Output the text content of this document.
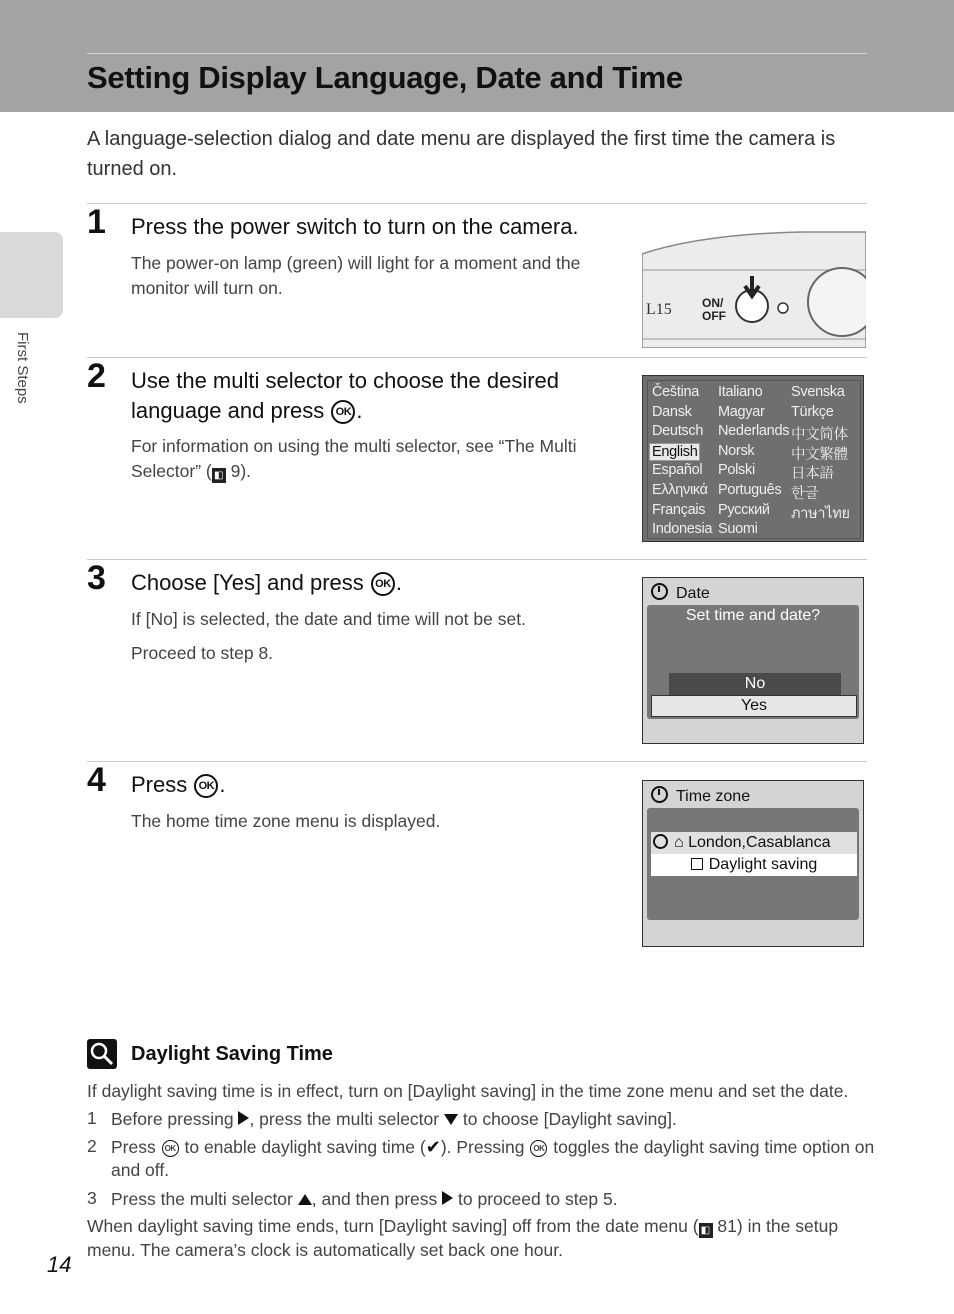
Setting Display Language, Date and Time

A language-selection dialog and date menu are displayed the first time the camera is turned on.

First Steps
1 Press the power switch to turn on the camera.

The power-on lamp (green) will light for a moment and the monitor will turn on.

L15	ON/
OFF
2 Use the multi selector to choose the desired language and press OK .

For information on using the multi selector, see “The Multi Selector” ( ◧ 9).

Čeština
Dansk
Deutsch
English
Español
Ελληνικά
Français
Indonesia
Italiano
Magyar
Nederlands
Norsk
Polski
Português
Русский
Suomi
Svenska
Türkçe
中文简体
中文繁體
日本語
한글
ภาษาไทย
3 Choose [Yes] and press OK .

If [No] is selected, the date and time will not be set.

Proceed to step 8.

Date
Set time and date?
No
Yes
4 Press OK .

The home time zone menu is displayed.

Time zone
⌂ London,Casablanca
Daylight saving
Daylight Saving Time

If daylight saving time is in effect, turn on [Daylight saving] in the time zone menu and set the date.

1 Before pressing , press the multi selector to choose [Daylight saving].

2 Press OK to enable daylight saving time (✔). Pressing OK toggles the daylight saving time option on and off.

3 Press the multi selector , and then press to proceed to step 5.

When daylight saving time ends, turn [Daylight saving] off from the date menu ( ◧ 81) in the setup menu. The camera’s clock is automatically set back one hour.

14
